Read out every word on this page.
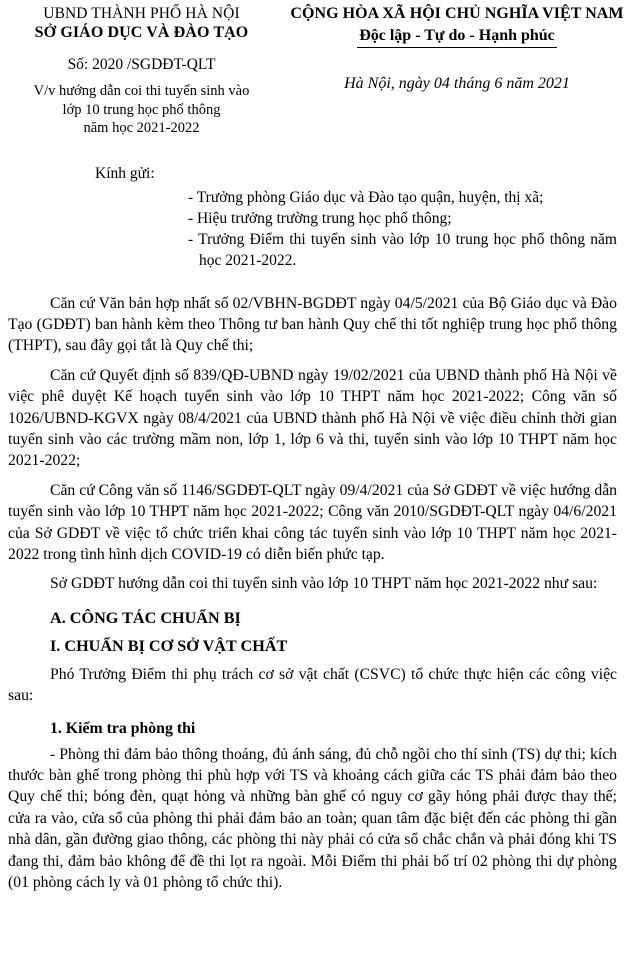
UBND THÀNH PHỐ HÀ NỘI
SỞ GIÁO DỤC VÀ ĐÀO TẠO
Số: 2020 /SGDĐT-QLT
V/v hướng dẫn coi thi tuyển sinh vào
lớp 10 trung học phổ thông
năm học 2021-2022
CỘNG HÒA XÃ HỘI CHỦ NGHĨA VIỆT NAM
Độc lập - Tự do - Hạnh phúc
Hà Nội, ngày 04 tháng 6 năm 2021
Kính gửi:
- Trưởng phòng Giáo dục và Đào tạo quận, huyện, thị xã;
- Hiệu trưởng trường trung học phổ thông;
- Trưởng Điểm thi tuyển sinh vào lớp 10 trung học phổ thông năm học 2021-2022.

Căn cứ Văn bản hợp nhất số 02/VBHN-BGDĐT ngày 04/5/2021 của Bộ Giáo dục và Đào Tạo (GDĐT) ban hành kèm theo Thông tư ban hành Quy chế thi tốt nghiệp trung học phổ thông (THPT), sau đây gọi tắt là Quy chế thi;

Căn cứ Quyết định số 839/QĐ-UBND ngày 19/02/2021 của UBND thành phố Hà Nội về việc phê duyệt Kế hoạch tuyển sinh vào lớp 10 THPT năm học 2021-2022; Công văn số 1026/UBND-KGVX ngày 08/4/2021 của UBND thành phố Hà Nội về việc điều chỉnh thời gian tuyển sinh vào các trường mầm non, lớp 1, lớp 6 và thi, tuyển sinh vào lớp 10 THPT năm học 2021-2022;

Căn cứ Công văn số 1146/SGDĐT-QLT ngày 09/4/2021 của Sở GDĐT về việc hướng dẫn tuyển sinh vào lớp 10 THPT năm học 2021-2022; Công văn 2010/SGDĐT-QLT ngày 04/6/2021 của Sở GDĐT về việc tổ chức triển khai công tác tuyển sinh vào lớp 10 THPT năm học 2021-2022 trong tình hình dịch COVID-19 có diễn biến phức tạp.

Sở GDĐT hướng dẫn coi thi tuyển sinh vào lớp 10 THPT năm học 2021-2022 như sau:

A. CÔNG TÁC CHUẨN BỊ
I. CHUẨN BỊ CƠ SỞ VẬT CHẤT

Phó Trưởng Điểm thi phụ trách cơ sở vật chất (CSVC) tổ chức thực hiện các công việc sau:

1. Kiểm tra phòng thi

- Phòng thi đảm bảo thông thoáng, đủ ánh sáng, đủ chỗ ngồi cho thí sinh (TS) dự thi; kích thước bàn ghế trong phòng thi phù hợp với TS và khoảng cách giữa các TS phải đảm bảo theo Quy chế thi; bóng đèn, quạt hỏng và những bàn ghế có nguy cơ gãy hỏng phải được thay thế; cửa ra vào, cửa sổ của phòng thi phải đảm bảo an toàn; quan tâm đặc biệt đến các phòng thi gần nhà dân, gần đường giao thông, các phòng thi này phải có cửa sổ chắc chắn và phải đóng khi TS đang thi, đảm bảo không để đề thi lọt ra ngoài. Mỗi Điểm thi phải bố trí 02 phòng thi dự phòng (01 phòng cách ly và 01 phòng tổ chức thi).
